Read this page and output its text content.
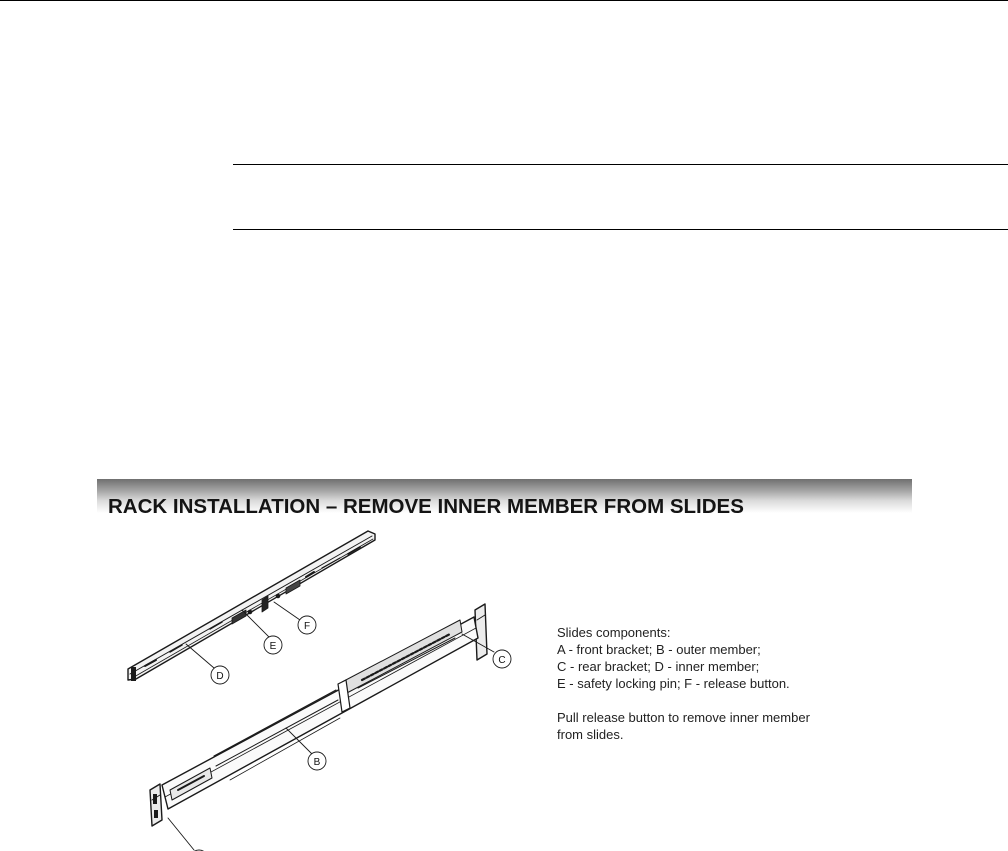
RACK INSTALLATION – REMOVE INNER MEMBER FROM SLIDES
B
C
D
E
F	Slides components:
A - front bracket; B - outer member;
C - rear bracket; D - inner member;
E - safety locking pin; F - release button.
Pull release button to remove inner member
from slides.
